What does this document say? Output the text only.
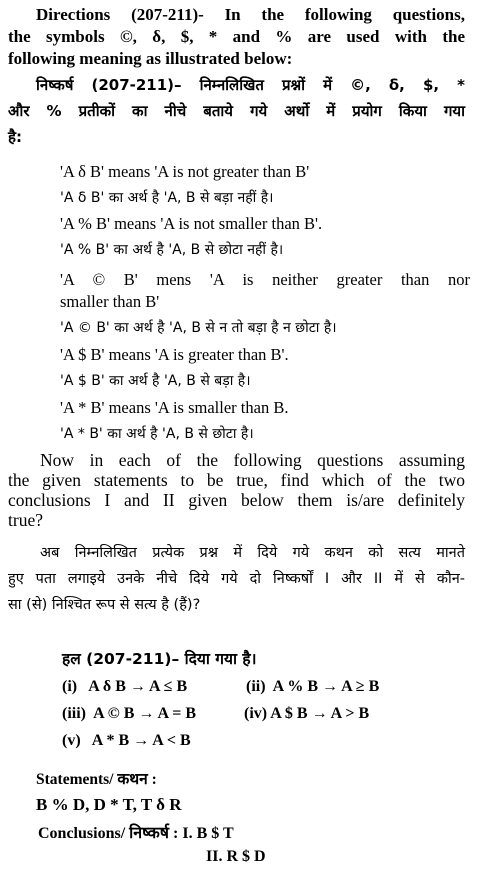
Directions (207-211)- In the following questions,
the symbols ©, δ, $, * and % are used with the
following meaning as illustrated below:
निष्कर्ष (207-211)– निम्नलिखित प्रश्नों में ©, δ, $, *
और % प्रतीकों का नीचे बताये गये अर्थो में प्रयोग किया गया
है:
'A δ B' means 'A is not greater than B'
'A δ B' का अर्थ है 'A, B से बड़ा नहीं है।
'A % B' means 'A is not smaller than B'.
'A % B' का अर्थ है 'A, B से छोटा नहीं है।
'A © B' mens 'A is neither greater than nor
smaller than B'
'A © B' का अर्थ है 'A, B से न तो बड़ा है न छोटा है।
'A $ B' means 'A is greater than B'.
'A $ B' का अर्थ है 'A, B से बड़ा है।
'A * B' means 'A is smaller than B.
'A * B' का अर्थ है 'A, B से छोटा है।
Now in each of the following questions assuming
the given statements to be true, find which of the two
conclusions I and II given below them is/are definitely
true?
अब निम्नलिखित प्रत्येक प्रश्न में दिये गये कथन को सत्य मानते
हुए पता लगाइये उनके नीचे दिये गये दो निष्कर्षों I और II में से कौन-
सा (से) निश्चित रूप से सत्य है (हैं)?
हल (207-211)– दिया गया है।
(i)   A δ B → A ≤ B	(ii)  A % B → A ≥ B
(iii)  A © B → A = B	(iv) A $ B → A > B
(v)   A * B → A < B
Statements/ कथन :
B % D, D * T, T δ R
Conclusions/ निष्कर्ष : I. B $ T
II. R $ D
